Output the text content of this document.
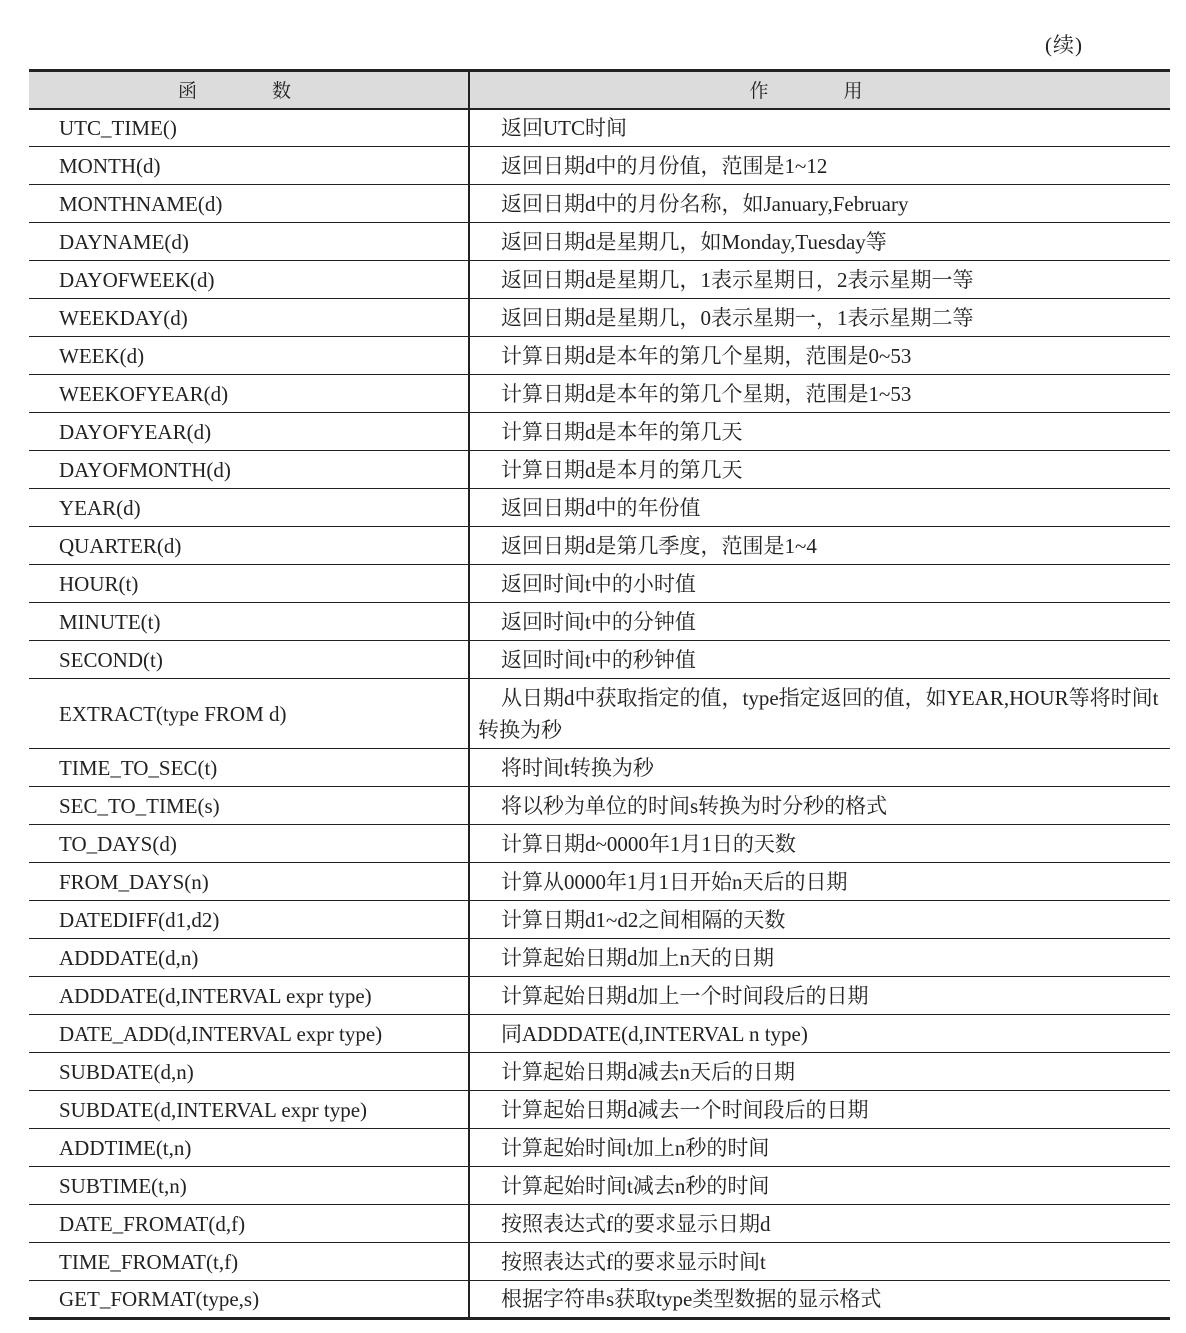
(续)
函　数	作　用
UTC_TIME()	返回UTC时间
MONTH(d)	返回日期d中的月份值，范围是1~12
MONTHNAME(d)	返回日期d中的月份名称，如January,February
DAYNAME(d)	返回日期d是星期几，如Monday,Tuesday等
DAYOFWEEK(d)	返回日期d是星期几，1表示星期日，2表示星期一等
WEEKDAY(d)	返回日期d是星期几，0表示星期一，1表示星期二等
WEEK(d)	计算日期d是本年的第几个星期，范围是0~53
WEEKOFYEAR(d)	计算日期d是本年的第几个星期，范围是1~53
DAYOFYEAR(d)	计算日期d是本年的第几天
DAYOFMONTH(d)	计算日期d是本月的第几天
YEAR(d)	返回日期d中的年份值
QUARTER(d)	返回日期d是第几季度，范围是1~4
HOUR(t)	返回时间t中的小时值
MINUTE(t)	返回时间t中的分钟值
SECOND(t)	返回时间t中的秒钟值
EXTRACT(type FROM d)	从日期d中获取指定的值，type指定返回的值，如YEAR,HOUR等将时间t转换为秒
TIME_TO_SEC(t)	将时间t转换为秒
SEC_TO_TIME(s)	将以秒为单位的时间s转换为时分秒的格式
TO_DAYS(d)	计算日期d~0000年1月1日的天数
FROM_DAYS(n)	计算从0000年1月1日开始n天后的日期
DATEDIFF(d1,d2)	计算日期d1~d2之间相隔的天数
ADDDATE(d,n)	计算起始日期d加上n天的日期
ADDDATE(d,INTERVAL expr type)	计算起始日期d加上一个时间段后的日期
DATE_ADD(d,INTERVAL expr type)	同ADDDATE(d,INTERVAL n type)
SUBDATE(d,n)	计算起始日期d减去n天后的日期
SUBDATE(d,INTERVAL expr type)	计算起始日期d减去一个时间段后的日期
ADDTIME(t,n)	计算起始时间t加上n秒的时间
SUBTIME(t,n)	计算起始时间t减去n秒的时间
DATE_FROMAT(d,f)	按照表达式f的要求显示日期d
TIME_FROMAT(t,f)	按照表达式f的要求显示时间t
GET_FORMAT(type,s)	根据字符串s获取type类型数据的显示格式
